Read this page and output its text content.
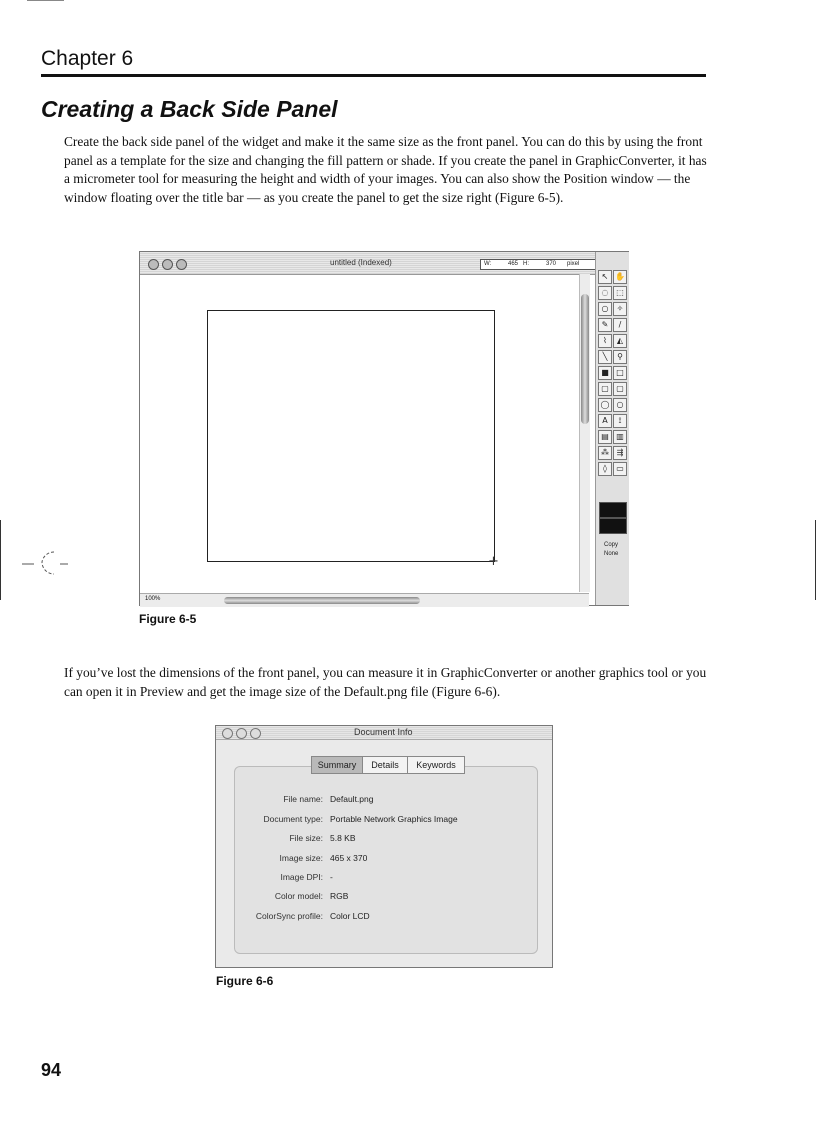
Chapter 6
Creating a Back Side Panel
Create the back side panel of the widget and make it the same size as the front panel. You can do this by using the front panel as a template for the size and changing the fill pattern or shade. If you create the panel in GraphicConverter, it has a micrometer tool for measuring the height and width of your images. You can also show the Position window — the window floating over the title bar — as you create the panel to get the size right (Figure 6-5).
untitled (Indexed)	W:	465 H:	370 pixel
+
100%
↖ ✋
◌ ⬚
○	✧
✎	/
⌇	◭
╲	⚲
■ □
▢ ▢
◯ ○
A	⟟
▤ ▥
⁂ ⇶
◊	▭
Copy
None
Figure 6-5
If you’ve lost the dimensions of the front panel, you can measure it in GraphicConverter or another graphics tool or you can open it in Preview and get the image size of the Default.png file (Figure 6-6).
Document Info
Summary	Details	Keywords
File name: Default.png
Document type: Portable Network Graphics Image
File size: 5.8 KB
Image size: 465 x 370
Image DPI: -
Color model: RGB
ColorSync profile: Color LCD
Figure 6-6
94
